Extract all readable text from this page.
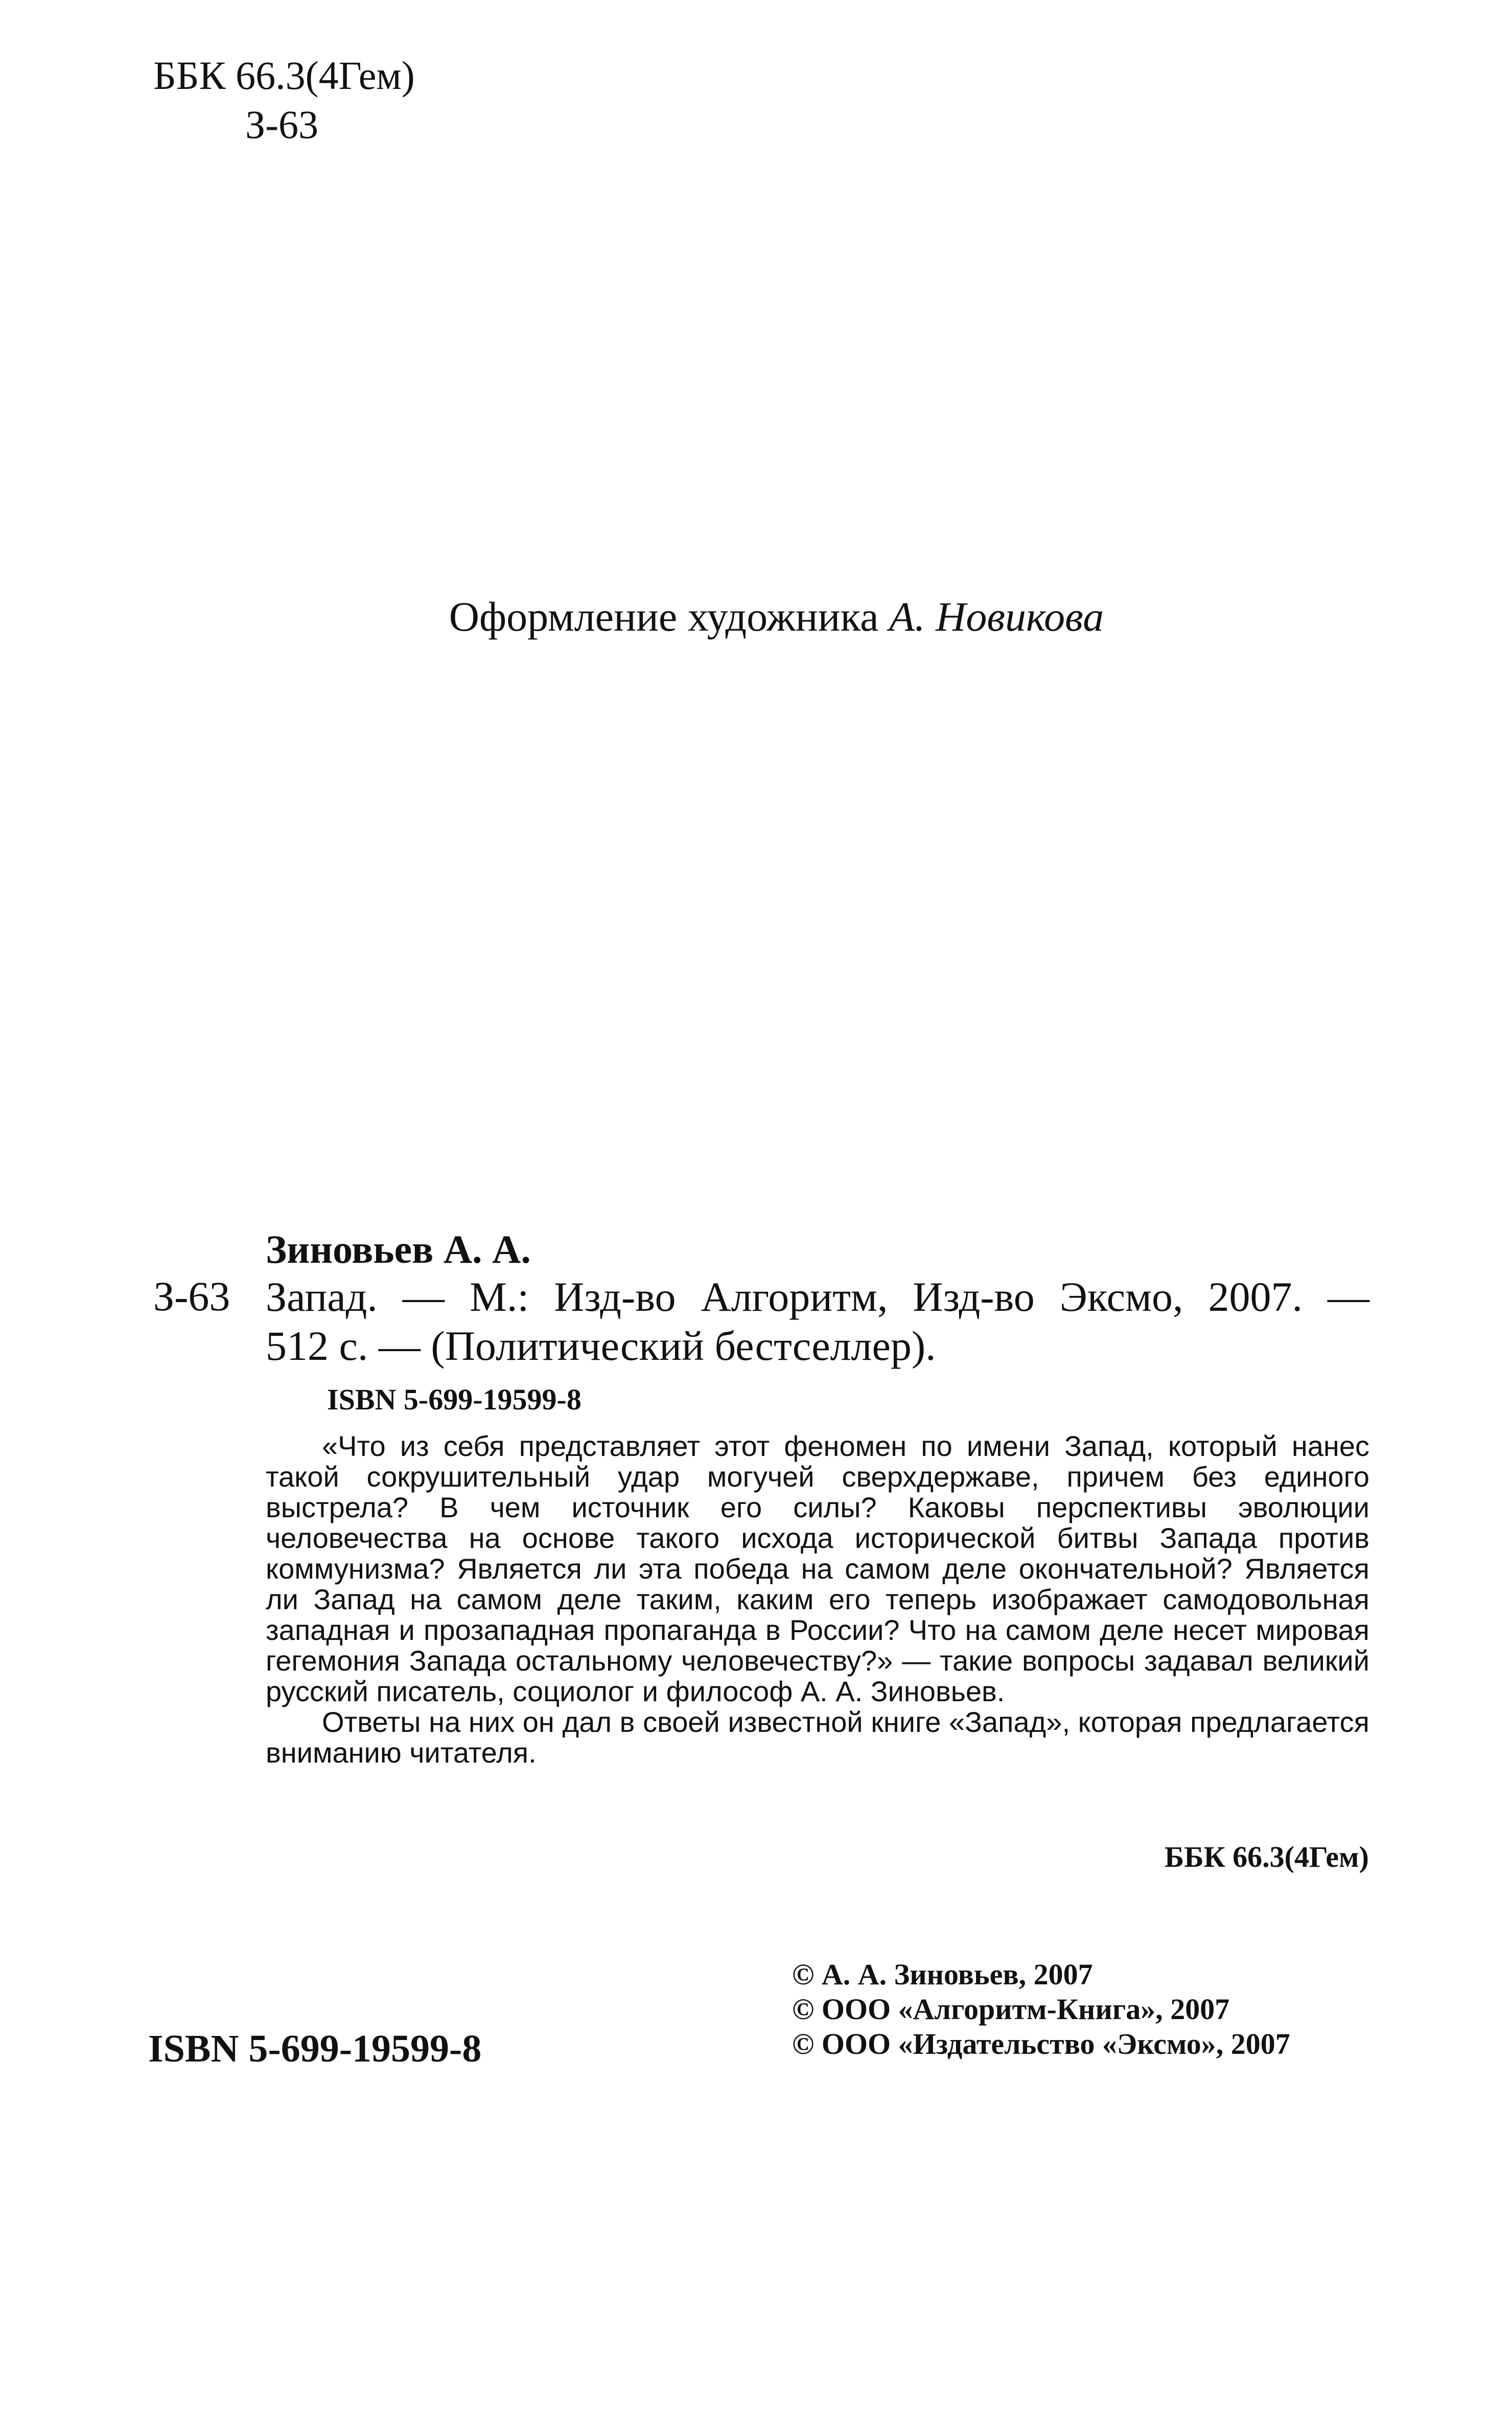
ББК 66.3(4Гем)
З-63
Оформление художника А. Новикова
Зиновьев А. А.
З-63 Запад. — М.: Изд-во Алгоритм, Изд-во Эксмо, 2007. —
512 с. — (Политический бестселлер).
ISBN 5-699-19599-8

«Что из себя представляет этот феномен по имени Запад, который нанес такой сокрушительный удар могучей сверхдержаве, причем без единого выстрела? В чем источник его силы? Каковы перспективы эволюции человечества на основе такого исхода исторической битвы Запада против коммунизма? Является ли эта победа на самом деле окончательной? Является ли Запад на самом деле таким, каким его теперь изображает самодовольная западная и прозападная пропаганда в России? Что на самом деле несет мировая гегемония Запада остальному человечеству?» — такие вопросы задавал великий русский писатель, социолог и философ А. А. Зиновьев.

Ответы на них он дал в своей известной книге «Запад», которая предлагается вниманию читателя.

ББК 66.3(4Гем)
© А. А. Зиновьев, 2007
© ООО «Алгоритм-Книга», 2007
© ООО «Издательство «Эксмо», 2007
ISBN 5-699-19599-8
